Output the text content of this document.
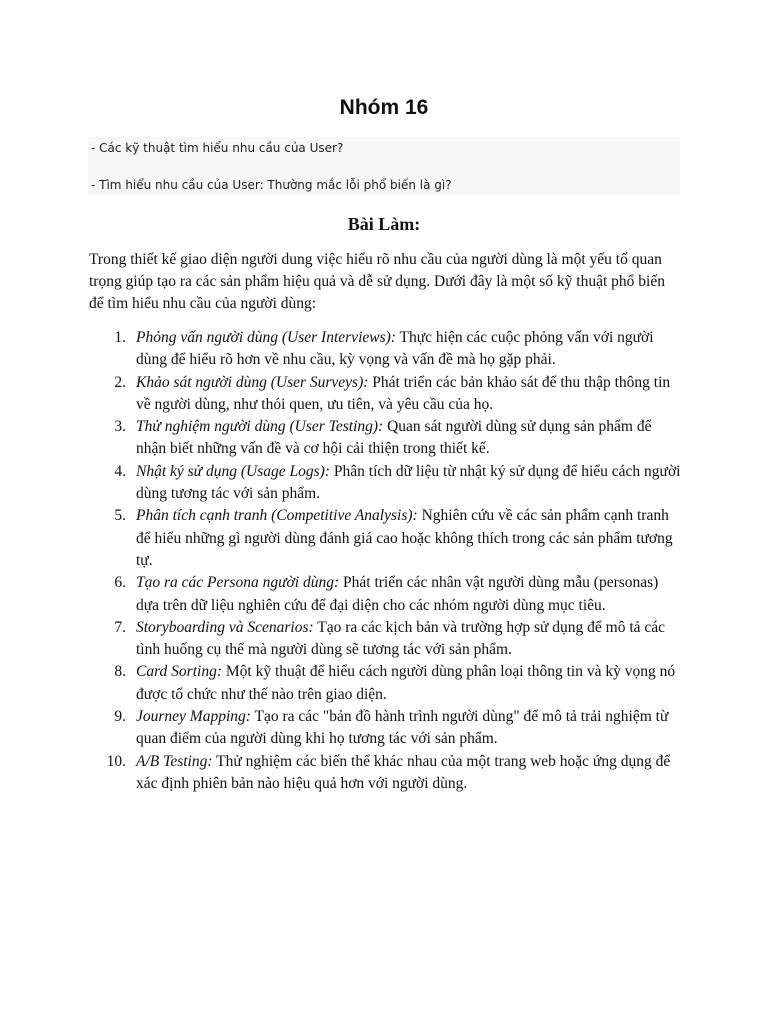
Nhóm 16
- Các kỹ thuật tìm hiểu nhu cầu của User?
- Tìm hiểu nhu cầu của User: Thường mắc lỗi phổ biến là gì?
Bài Làm:

Trong thiết kế giao diện người dung việc hiểu rõ nhu cầu của người dùng là một yếu tố quan trọng giúp tạo ra các sản phẩm hiệu quả và dễ sử dụng. Dưới đây là một số kỹ thuật phổ biến để tìm hiểu nhu cầu của người dùng:

1. Phỏng vấn người dùng (User Interviews): Thực hiện các cuộc phỏng vấn với người dùng để hiểu rõ hơn về nhu cầu, kỳ vọng và vấn đề mà họ gặp phải.
2. Khảo sát người dùng (User Surveys): Phát triển các bản khảo sát để thu thập thông tin về người dùng, như thói quen, ưu tiên, và yêu cầu của họ.
3. Thử nghiệm người dùng (User Testing): Quan sát người dùng sử dụng sản phẩm để nhận biết những vấn đề và cơ hội cải thiện trong thiết kế.
4. Nhật ký sử dụng (Usage Logs): Phân tích dữ liệu từ nhật ký sử dụng để hiểu cách người dùng tương tác với sản phẩm.
5. Phân tích cạnh tranh (Competitive Analysis): Nghiên cứu về các sản phẩm cạnh tranh để hiểu những gì người dùng đánh giá cao hoặc không thích trong các sản phẩm tương tự.
6. Tạo ra các Persona người dùng: Phát triển các nhân vật người dùng mẫu (personas) dựa trên dữ liệu nghiên cứu để đại diện cho các nhóm người dùng mục tiêu.
7. Storyboarding và Scenarios: Tạo ra các kịch bản và trường hợp sử dụng để mô tả các tình huống cụ thể mà người dùng sẽ tương tác với sản phẩm.
8. Card Sorting: Một kỹ thuật để hiểu cách người dùng phân loại thông tin và kỳ vọng nó được tổ chức như thế nào trên giao diện.
9. Journey Mapping: Tạo ra các "bản đồ hành trình người dùng" để mô tả trải nghiệm từ quan điểm của người dùng khi họ tương tác với sản phẩm.
10. A/B Testing: Thử nghiệm các biến thể khác nhau của một trang web hoặc ứng dụng để xác định phiên bản nào hiệu quả hơn với người dùng.
